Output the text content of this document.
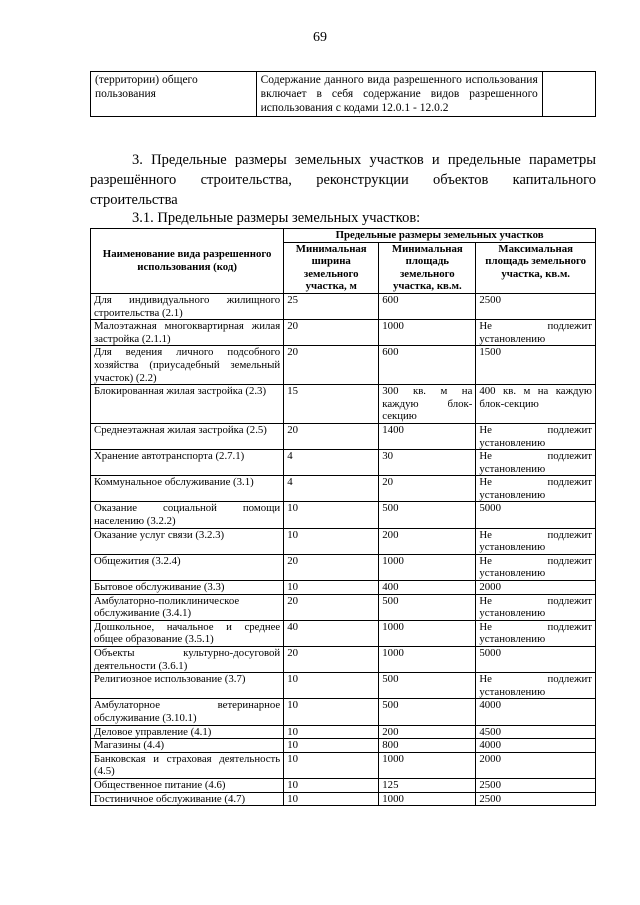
69
(территории) общего пользования	Содержание данного вида разрешенного использования включает в себя содержание видов разрешенного использования с кодами 12.0.1 - 12.0.2	
3. Предельные размеры земельных участков и предельные параметры разрешённого строительства, реконструкции объектов капитального строительства
3.1. Предельные размеры земельных участков:
Наименование вида разрешенного использования (код)	Предельные размеры земельных участков		
	Минимальная ширина земельного участка, м	Минимальная площадь земельного участка, кв.м.	Максимальная площадь земельного участка, кв.м.
Для индивидуального жилищного строительства (2.1)	25	600	2500
Малоэтажная многоквартирная жилая застройка (2.1.1)	20	1000	Не подлежит установлению
Для ведения личного подсобного хозяйства (приусадебный земельный участок) (2.2)	20	600	1500
Блокированная жилая застройка (2.3)	15	300 кв. м на каждую блок-секцию	400 кв. м на каждую блок-секцию
Среднеэтажная жилая застройка (2.5)	20	1400	Не подлежит установлению
Хранение автотранспорта (2.7.1)	4	30	Не подлежит установлению
Коммунальное обслуживание (3.1)	4	20	Не подлежит установлению
Оказание социальной помощи населению (3.2.2)	10	500	5000
Оказание услуг связи (3.2.3)	10	200	Не подлежит установлению
Общежития (3.2.4)	20	1000	Не подлежит установлению
Бытовое обслуживание (3.3)	10	400	2000
Амбулаторно-поликлиническое обслуживание (3.4.1)	20	500	Не подлежит установлению
Дошкольное, начальное и среднее общее образование (3.5.1)	40	1000	Не подлежит установлению
Объекты культурно-досуговой деятельности (3.6.1)	20	1000	5000
Религиозное использование (3.7)	10	500	Не подлежит установлению
Амбулаторное ветеринарное обслуживание (3.10.1)	10	500	4000
Деловое управление (4.1)	10	200	4500
Магазины (4.4)	10	800	4000
Банковская и страховая деятельность (4.5)	10	1000	2000
Общественное питание (4.6)	10	125	2500
Гостиничное обслуживание (4.7)	10	1000	2500
